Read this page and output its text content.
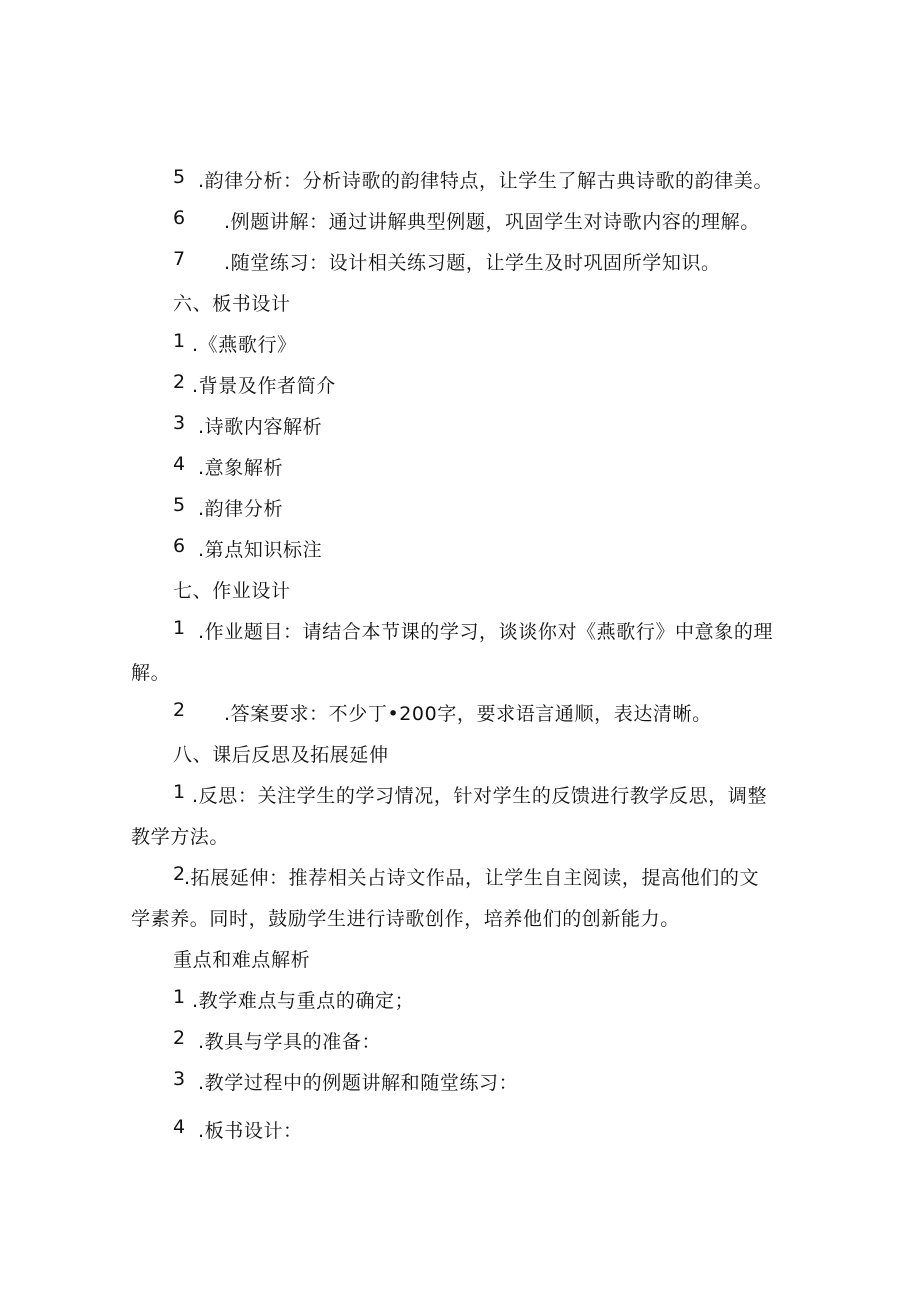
5 .韵律分析：分析诗歌的韵律特点，让学生了解古典诗歌的韵律美。
6 .例题讲解：通过讲解典型例题，巩固学生对诗歌内容的理解。
7 .随堂练习：设计相关练习题，让学生及时巩固所学知识。
六、板书设计
1 .《燕歌行》
2 .背景及作者简介
3 .诗歌内容解析
4 .意象解析
5 .韵律分析
6 .第点知识标注
七、作业设计
1 .作业题目：请结合本节课的学习，谈谈你对《燕歌行》中意象的理
解。
2 .答案要求：不少丁•200字，要求语言通顺，表达清晰。
八、课后反思及拓展延伸
1 .反思：关注学生的学习情况，针对学生的反馈进行教学反思，调整
教学方法。
2
.拓展延伸：推荐相关占诗文作品，让学生自主阅读，提高他们的文
学素养。同时，鼓励学生进行诗歌创作，培养他们的创新能力。
重点和难点解析
1 .教学难点与重点的确定；
2 .教具与学具的准备：
3 .教学过程中的例题讲解和随堂练习：
4 .板书设计：
